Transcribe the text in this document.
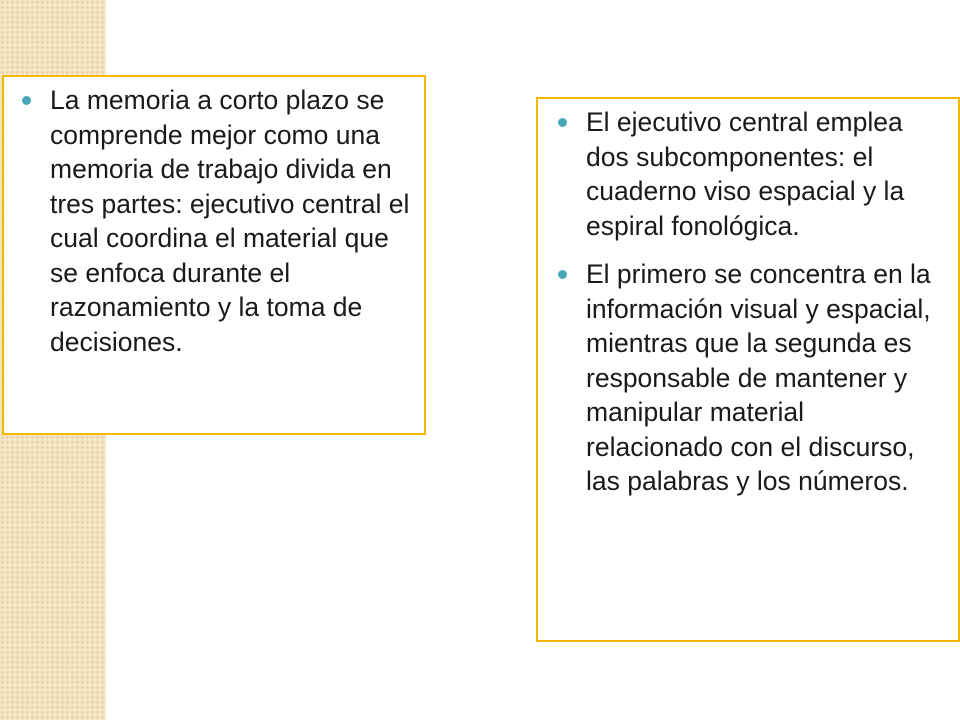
La memoria a corto plazo se comprende mejor como una memoria de trabajo divida en tres partes: ejecutivo central el cual coordina el material que se enfoca durante el razonamiento y la toma de decisiones.
El ejecutivo central emplea dos subcomponentes: el cuaderno viso espacial y la espiral fonológica.
El primero se concentra en la información visual y espacial, mientras que la segunda es responsable de mantener y manipular material relacionado con el discurso, las palabras y los números.
